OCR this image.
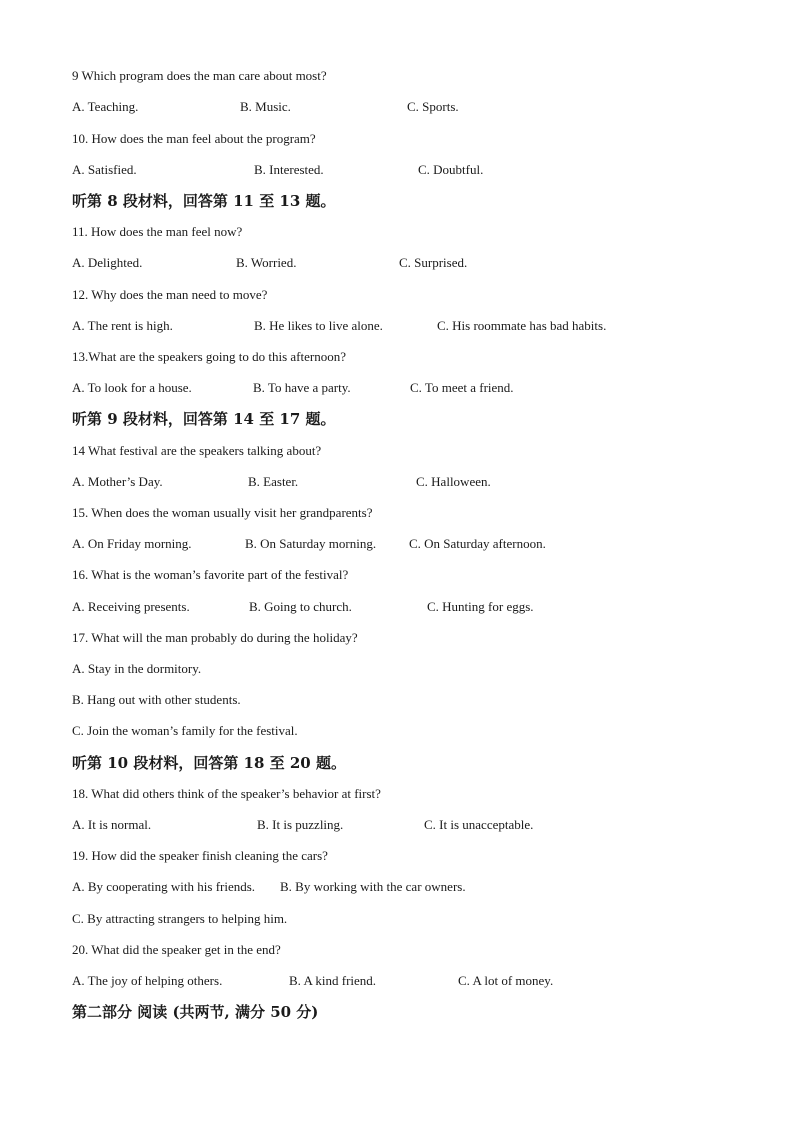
9 Which program does the man care about most?
A. Teaching.	B. Music.	C. Sports.
10. How does the man feel about the program?
A. Satisfied.	B. Interested.	C. Doubtful.
听第 8 段材料，回答第 11 至 13 题。
11. How does the man feel now?
A. Delighted.	B. Worried.	C. Surprised.
12. Why does the man need to move?
A. The rent is high.	B. He likes to live alone.	C. His roommate has bad habits.
13.What are the speakers going to do this afternoon?
A. To look for a house.	B. To have a party.	C. To meet a friend.
听第 9 段材料，回答第 14 至 17 题。
14 What festival are the speakers talking about?
A. Mother’s Day.	B. Easter.	C. Halloween.
15. When does the woman usually visit her grandparents?
A. On Friday morning.	B. On Saturday morning.	C. On Saturday afternoon.
16. What is the woman’s favorite part of the festival?
A. Receiving presents.	B. Going to church.	C. Hunting for eggs.
17. What will the man probably do during the holiday?
A. Stay in the dormitory.
B. Hang out with other students.
C. Join the woman’s family for the festival.
听第 10 段材料，回答第 18 至 20 题。
18. What did others think of the speaker’s behavior at first?
A. It is normal.	B. It is puzzling.	C. It is unacceptable.
19. How did the speaker finish cleaning the cars?
A. By cooperating with his friends. B. By working with the car owners.
C. By attracting strangers to helping him.
20. What did the speaker get in the end?
A. The joy of helping others.	B. A kind friend.	C. A lot of money.
第二部分 阅读 (共两节, 满分 50 分)
